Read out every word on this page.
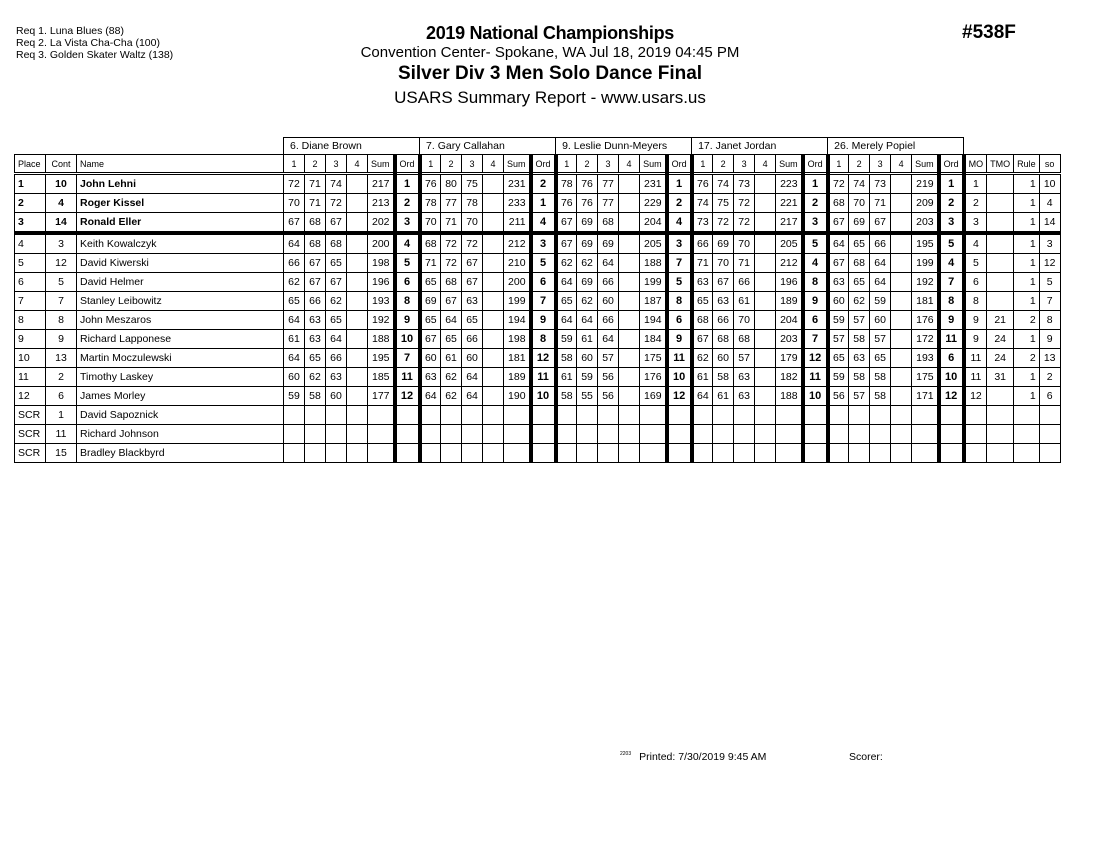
Req 1. Luna Blues (88)
Req 2. La Vista Cha-Cha (100)
Req 3. Golden Skater Waltz (138)
2019 National Championships
Convention Center- Spokane, WA Jul 18, 2019 04:45 PM
Silver Div 3 Men Solo Dance Final
USARS Summary Report - www.usars.us
#538F
			6. Diane Brown						7. Gary Callahan						9. Leslie Dunn-Meyers						17. Janet Jordan						26. Merely Popiel									
Place	Cont	Name	1	2	3	4	Sum	Ord	1	2	3	4	Sum	Ord	1	2	3	4	Sum	Ord	1	2	3	4	Sum	Ord	1	2	3	4	Sum	Ord	MO	TMO	Rule	so
1	10	John Lehni	72	71	74		217	1	76	80	75		231	2	78	76	77		231	1	76	74	73		223	1	72	74	73		219	1	1		1	10
2	4	Roger Kissel	70	71	72		213	2	78	77	78		233	1	76	76	77		229	2	74	75	72		221	2	68	70	71		209	2	2		1	4
3	14	Ronald Eller	67	68	67		202	3	70	71	70		211	4	67	69	68		204	4	73	72	72		217	3	67	69	67		203	3	3		1	14
4	3	Keith Kowalczyk	64	68	68		200	4	68	72	72		212	3	67	69	69		205	3	66	69	70		205	5	64	65	66		195	5	4		1	3
5	12	David Kiwerski	66	67	65		198	5	71	72	67		210	5	62	62	64		188	7	71	70	71		212	4	67	68	64		199	4	5		1	12
6	5	David Helmer	62	67	67		196	6	65	68	67		200	6	64	69	66		199	5	63	67	66		196	8	63	65	64		192	7	6		1	5
7	7	Stanley Leibowitz	65	66	62		193	8	69	67	63		199	7	65	62	60		187	8	65	63	61		189	9	60	62	59		181	8	8		1	7
8	8	John Meszaros	64	63	65		192	9	65	64	65		194	9	64	64	66		194	6	68	66	70		204	6	59	57	60		176	9	9	21	2	8
9	9	Richard Lapponese	61	63	64		188	10	67	65	66		198	8	59	61	64		184	9	67	68	68		203	7	57	58	57		172	11	9	24	1	9
10	13	Martin Moczulewski	64	65	66		195	7	60	61	60		181	12	58	60	57		175	11	62	60	57		179	12	65	63	65		193	6	11	24	2	13
11	2	Timothy Laskey	60	62	63		185	11	63	62	64		189	11	61	59	56		176	10	61	58	63		182	11	59	58	58		175	10	11	31	1	2
12	6	James Morley	59	58	60		177	12	64	62	64		190	10	58	55	56		169	12	64	61	63		188	10	56	57	58		171	12	12		1	6
SCR	1	David Sapoznick																																		
SCR	11	Richard Johnson																																		
SCR	15	Bradley Blackbyrd																																		
$^{2203}$ Printed: 7/30/2019 9:45 AM	Scorer:
